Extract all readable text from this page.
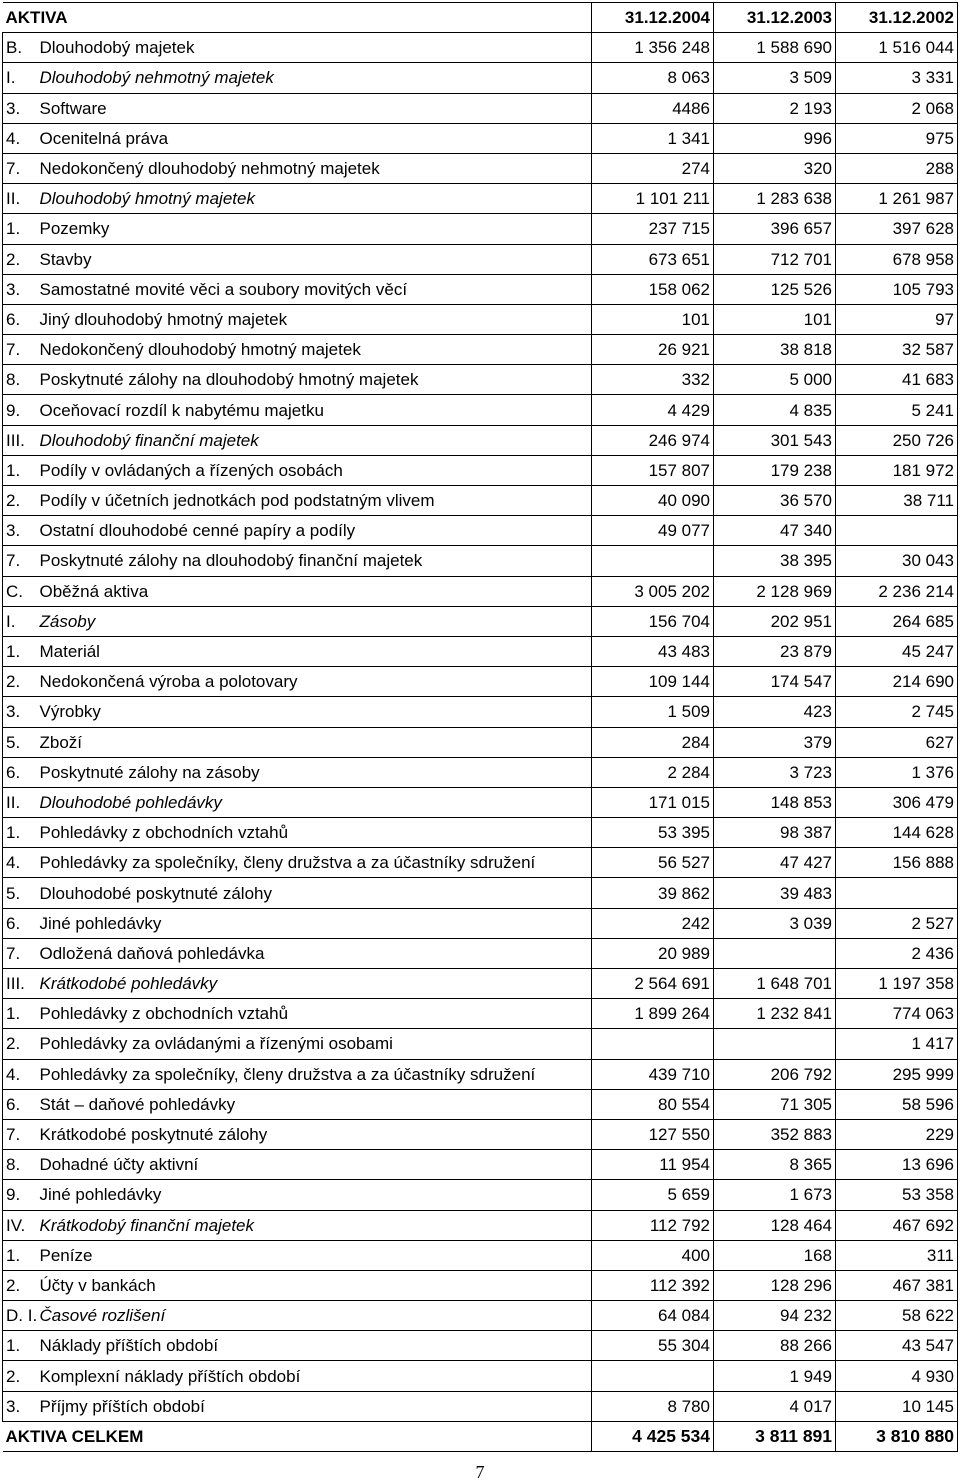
AKTIVA		31.12.2004	31.12.2003	31.12.2002
B.	Dlouhodobý majetek	1 356 248	1 588 690	1 516 044
I.	Dlouhodobý nehmotný majetek	8 063	3 509	3 331
3.	Software	4486	2 193	2 068
4.	Ocenitelná práva	1 341	996	975
7.	Nedokončený dlouhodobý nehmotný majetek	274	320	288
II.	Dlouhodobý hmotný majetek	1 101 211	1 283 638	1 261 987
1.	Pozemky	237 715	396 657	397 628
2.	Stavby	673 651	712 701	678 958
3.	Samostatné movité věci a soubory movitých věcí	158 062	125 526	105 793
6.	Jiný dlouhodobý hmotný majetek	101	101	97
7.	Nedokončený dlouhodobý hmotný majetek	26 921	38 818	32 587
8.	Poskytnuté zálohy na dlouhodobý hmotný majetek	332	5 000	41 683
9.	Oceňovací rozdíl k nabytému majetku	4 429	4 835	5 241
III.	Dlouhodobý finanční majetek	246 974	301 543	250 726
1.	Podíly v ovládaných a řízených osobách	157 807	179 238	181 972
2.	Podíly v účetních jednotkách pod podstatným vlivem	40 090	36 570	38 711
3.	Ostatní dlouhodobé cenné papíry a podíly	49 077	47 340	
7.	Poskytnuté zálohy na dlouhodobý finanční majetek		38 395	30 043
C.	Oběžná aktiva	3 005 202	2 128 969	2 236 214
I.	Zásoby	156 704	202 951	264 685
1.	Materiál	43 483	23 879	45 247
2.	Nedokončená výroba a polotovary	109 144	174 547	214 690
3.	Výrobky	1 509	423	2 745
5.	Zboží	284	379	627
6.	Poskytnuté zálohy na zásoby	2 284	3 723	1 376
II.	Dlouhodobé pohledávky	171 015	148 853	306 479
1.	Pohledávky z obchodních vztahů	53 395	98 387	144 628
4.	Pohledávky za společníky, členy družstva a za účastníky sdružení	56 527	47 427	156 888
5.	Dlouhodobé poskytnuté zálohy	39 862	39 483	
6.	Jiné pohledávky	242	3 039	2 527
7.	Odložená daňová pohledávka	20 989		2 436
III.	Krátkodobé pohledávky	2 564 691	1 648 701	1 197 358
1.	Pohledávky z obchodních vztahů	1 899 264	1 232 841	774 063
2.	Pohledávky za ovládanými a řízenými osobami			1 417
4.	Pohledávky za společníky, členy družstva a za účastníky sdružení	439 710	206 792	295 999
6.	Stát – daňové pohledávky	80 554	71 305	58 596
7.	Krátkodobé poskytnuté zálohy	127 550	352 883	229
8.	Dohadné účty aktivní	11 954	8 365	13 696
9.	Jiné pohledávky	5 659	1 673	53 358
IV.	Krátkodobý finanční majetek	112 792	128 464	467 692
1.	Peníze	400	168	311
2.	Účty v bankách	112 392	128 296	467 381
D. I.	Časové rozlišení	64 084	94 232	58 622
1.	Náklady příštích období	55 304	88 266	43 547
2.	Komplexní náklady příštích období		1 949	4 930
3.	Příjmy příštích období	8 780	4 017	10 145
AKTIVA CELKEM		4 425 534	3 811 891	3 810 880
7
